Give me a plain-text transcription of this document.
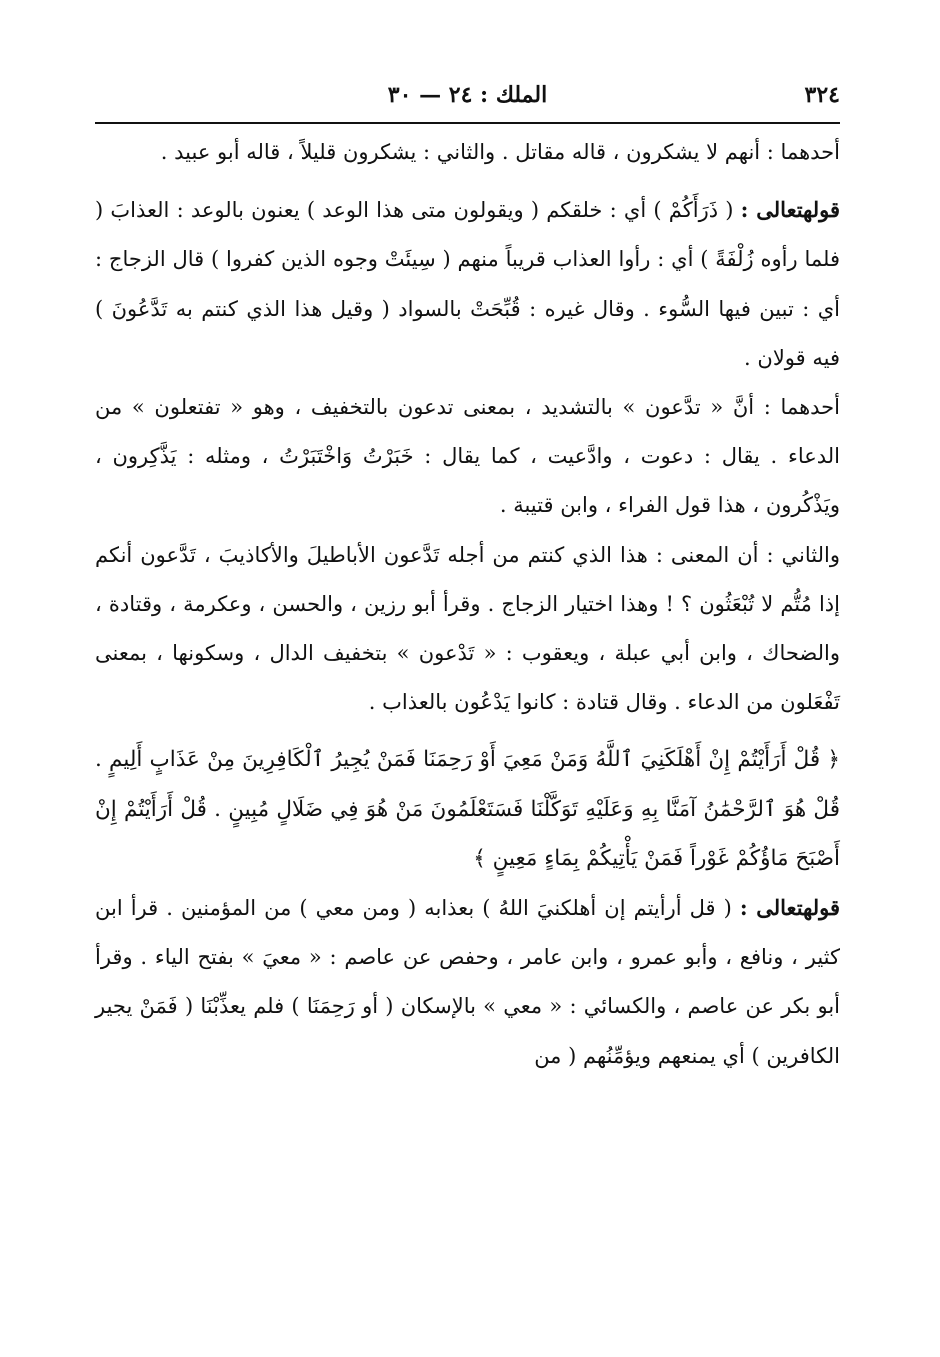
٣٢٤
الملك : ٢٤ — ٣٠

أحدهما : أنهم لا يشكرون ، قاله مقاتل . والثاني : يشكرون قليلاً ، قاله أبو عبيد .

قولهتعالى : ( ذَرَأَكُمْ ) أي : خلقكم ( ويقولون متى هذا الوعد ) يعنون بالوعد : العذابَ ( فلما رأوه زُلْفَةً ) أي : رأوا العذاب قريباً منهم ( سِيئَتْ وجوه الذين كفروا ) قال الزجاج : أي : تبين فيها السُّوء . وقال غيره : قُبِّحَتْ بالسواد ( وقيل هذا الذي كنتم به تَدَّعُونَ ) فيه قولان .

أحدهما : أنَّ « تدَّعون » بالتشديد ، بمعنى تدعون بالتخفيف ، وهو « تفتعلون » من الدعاء . يقال : دعوت ، وادَّعيت ، كما يقال : خَبَرْتُ وَاخْتَبَرْتُ ، ومثله : يَذَّكِرون ، ويَذْكُرون ، هذا قول الفراء ، وابن قتيبة .

والثاني : أن المعنى : هذا الذي كنتم من أجله تَدَّعون الأباطيلَ والأكاذيبَ ، تَدَّعون أنكم إذا مُتُّم لا تُبْعَثُون ؟ ! وهذا اختيار الزجاج . وقرأ أبو رزين ، والحسن ، وعكرمة ، وقتادة ، والضحاك ، وابن أبي عبلة ، ويعقوب : « تَدْعون » بتخفيف الدال ، وسكونها ، بمعنى تَفْعَلون من الدعاء . وقال قتادة : كانوا يَدْعُون بالعذاب .

﴿ قُلْ أَرَأَيْتُمْ إِنْ أَهْلَكَنِيَ ٱللَّهُ وَمَنْ مَعِيَ أَوْ رَحِمَنَا فَمَنْ يُجِيرُ ٱلْكَافِرِينَ مِنْ عَذَابٍ أَلِيمٍ . قُلْ هُوَ ٱلرَّحْمَٰنُ آمَنَّا بِهِ وَعَلَيْهِ تَوَكَّلْنَا فَسَتَعْلَمُونَ مَنْ هُوَ فِي ضَلَالٍ مُبِينٍ . قُلْ أَرَأَيْتُمْ إِنْ أَصْبَحَ مَاؤُكُمْ غَوْراً فَمَنْ يَأْتِيكُمْ بِمَاءٍ مَعِينٍ ﴾

قولهتعالى : ( قل أرأيتم إن أهلكنيَ اللهُ ) بعذابه ( ومن معي ) من المؤمنين . قرأ ابن كثير ، ونافع ، وأبو عمرو ، وابن عامر ، وحفص عن عاصم : « معيَ » بفتح الياء . وقرأ أبو بكر عن عاصم ، والكسائي : « معي » بالإسكان ( أو رَحِمَنَا ) فلم يعذِّبْنَا ( فَمَنْ يجير الكافرين ) أي يمنعهم ويؤمِّنُهم ( من
